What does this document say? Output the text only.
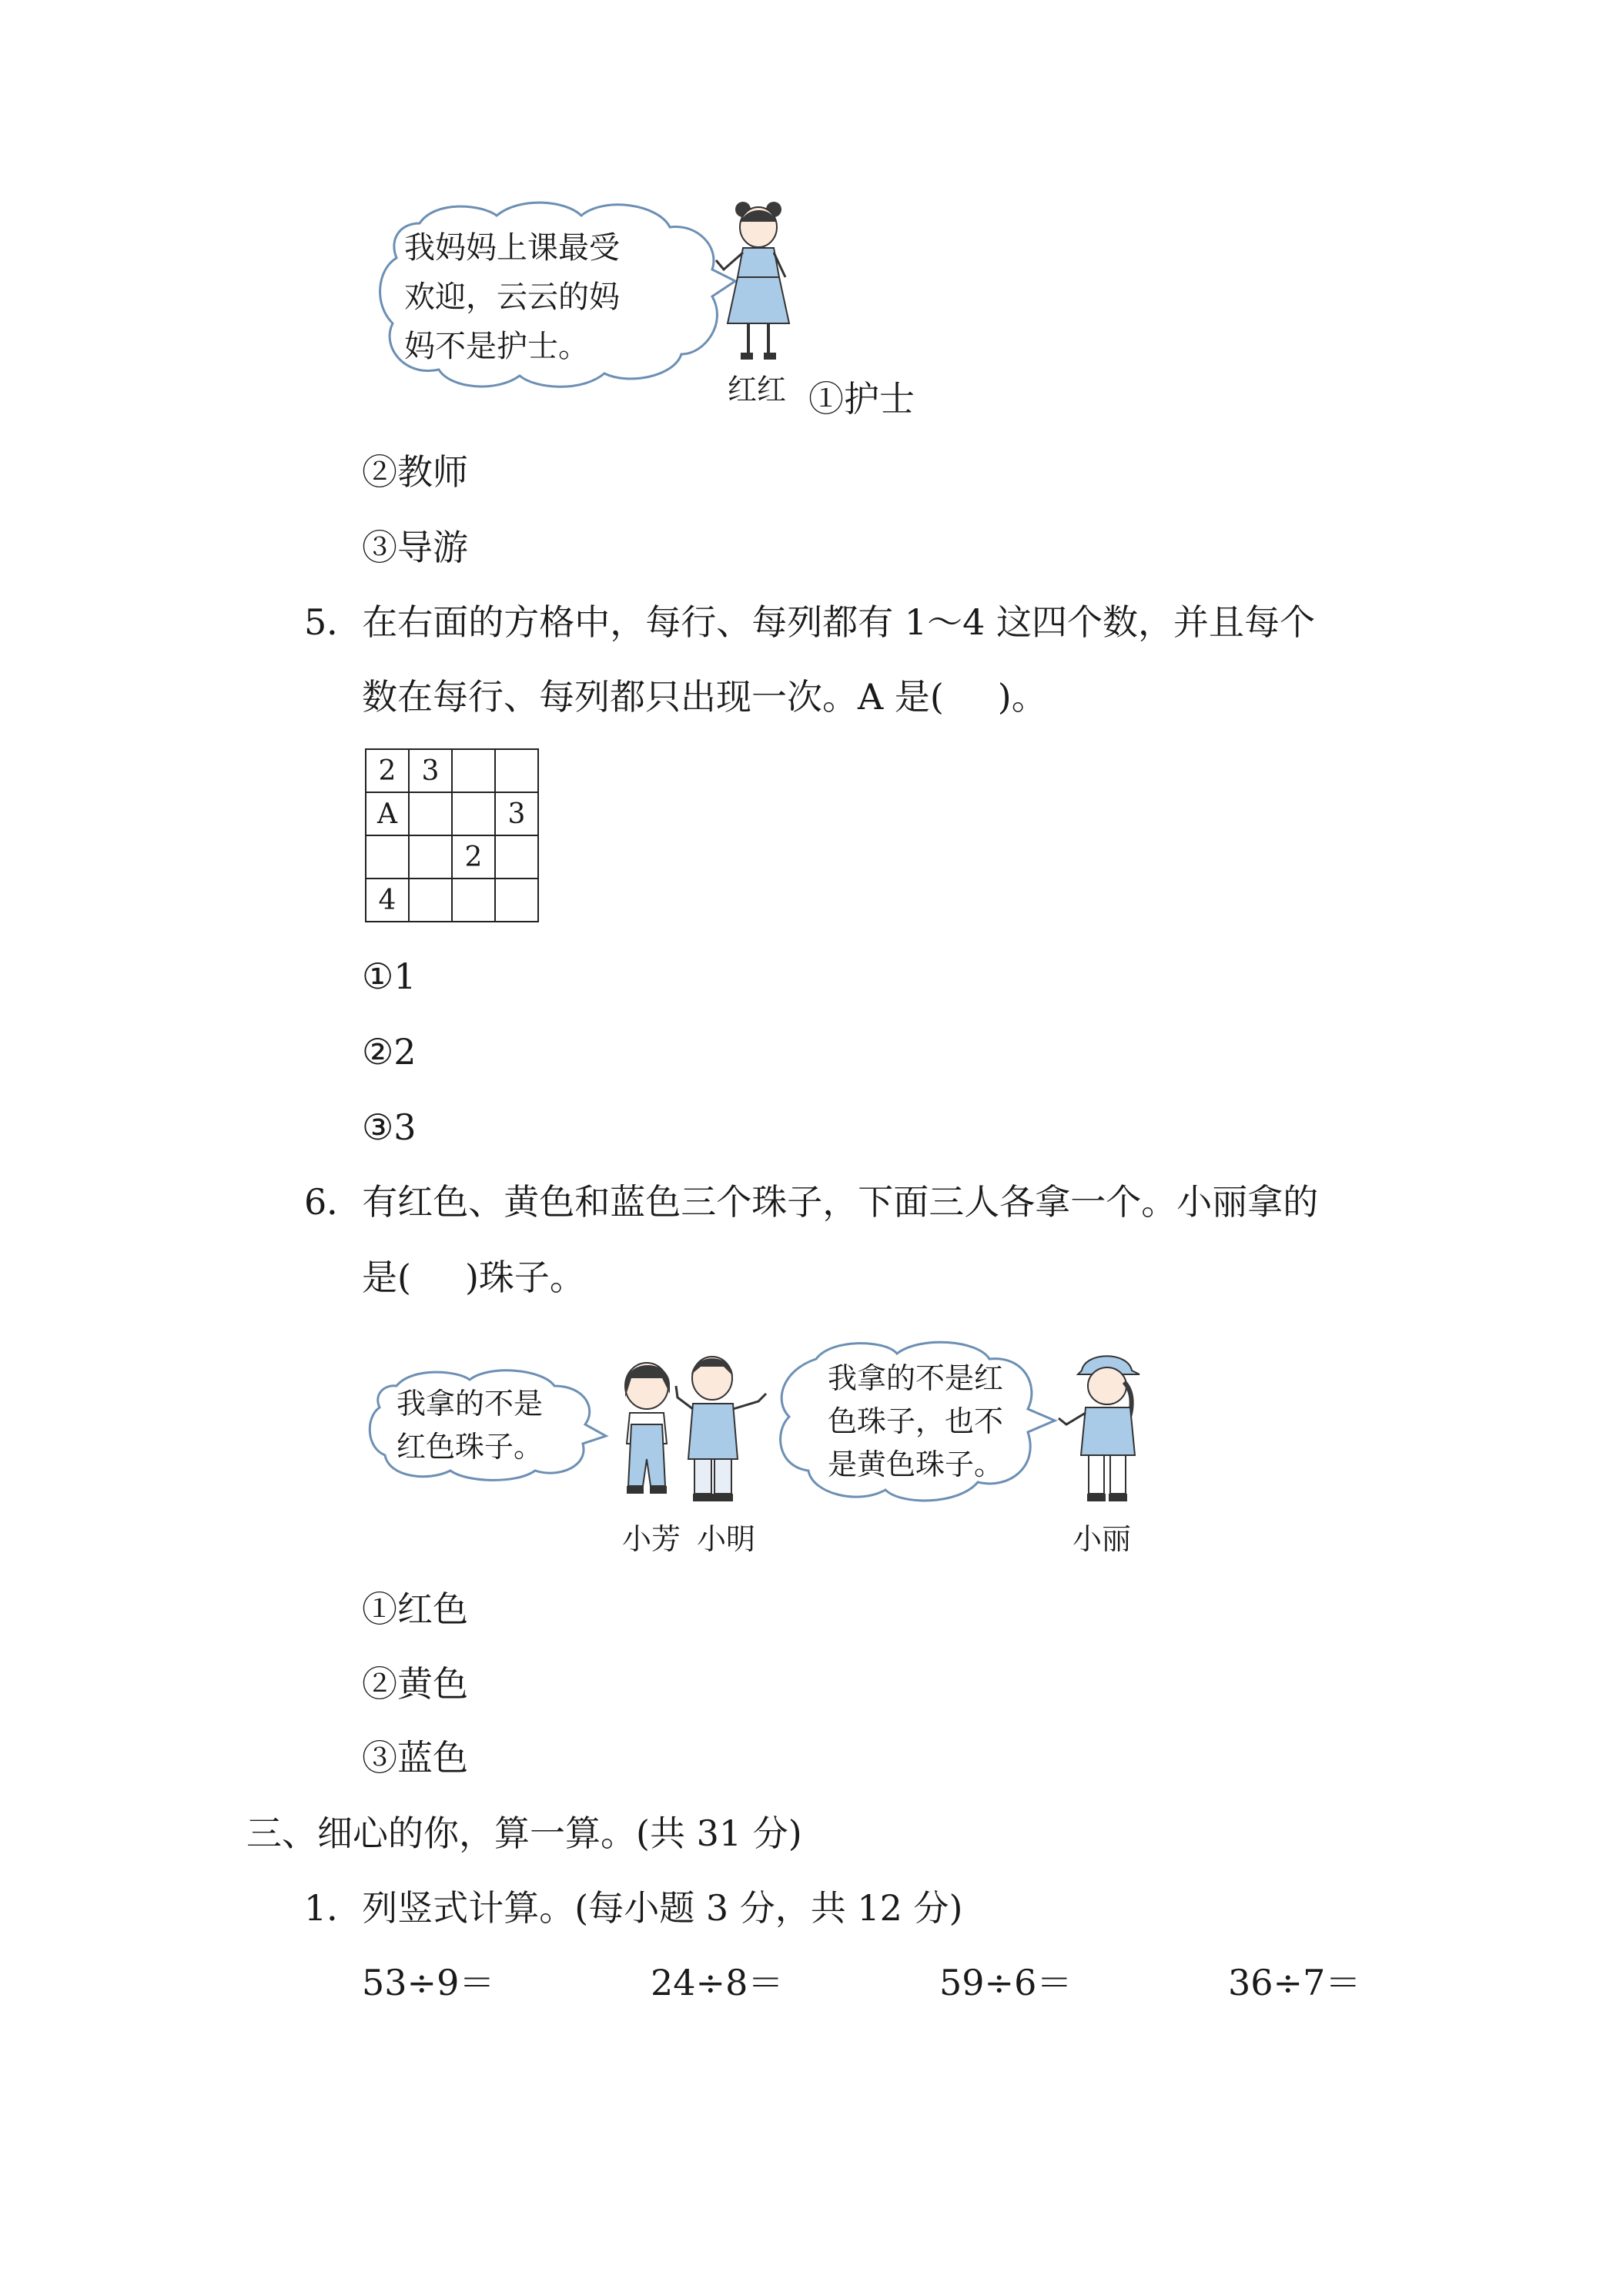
我妈妈上课最受
欢迎，云云的妈
妈不是护士。
红红 ①护士
②教师
③导游
5．在右面的方格中，每行、每列都有 1～4 这四个数，并且每个
数在每行、每列都只出现一次。A 是( )。
2	3		
A			3
		2	
4			
①1
②2
③3
6．有红色、黄色和蓝色三个珠子，下面三人各拿一个。小丽拿的
是( )珠子。
我拿的不是
红色珠子。
小芳 小明
我拿的不是红
色珠子，也不
是黄色珠子。
小丽
①红色
②黄色
③蓝色
三、细心的你，算一算。(共 31 分)
1．列竖式计算。(每小题 3 分，共 12 分)
53÷9＝	24÷8＝	59÷6＝	36÷7＝
